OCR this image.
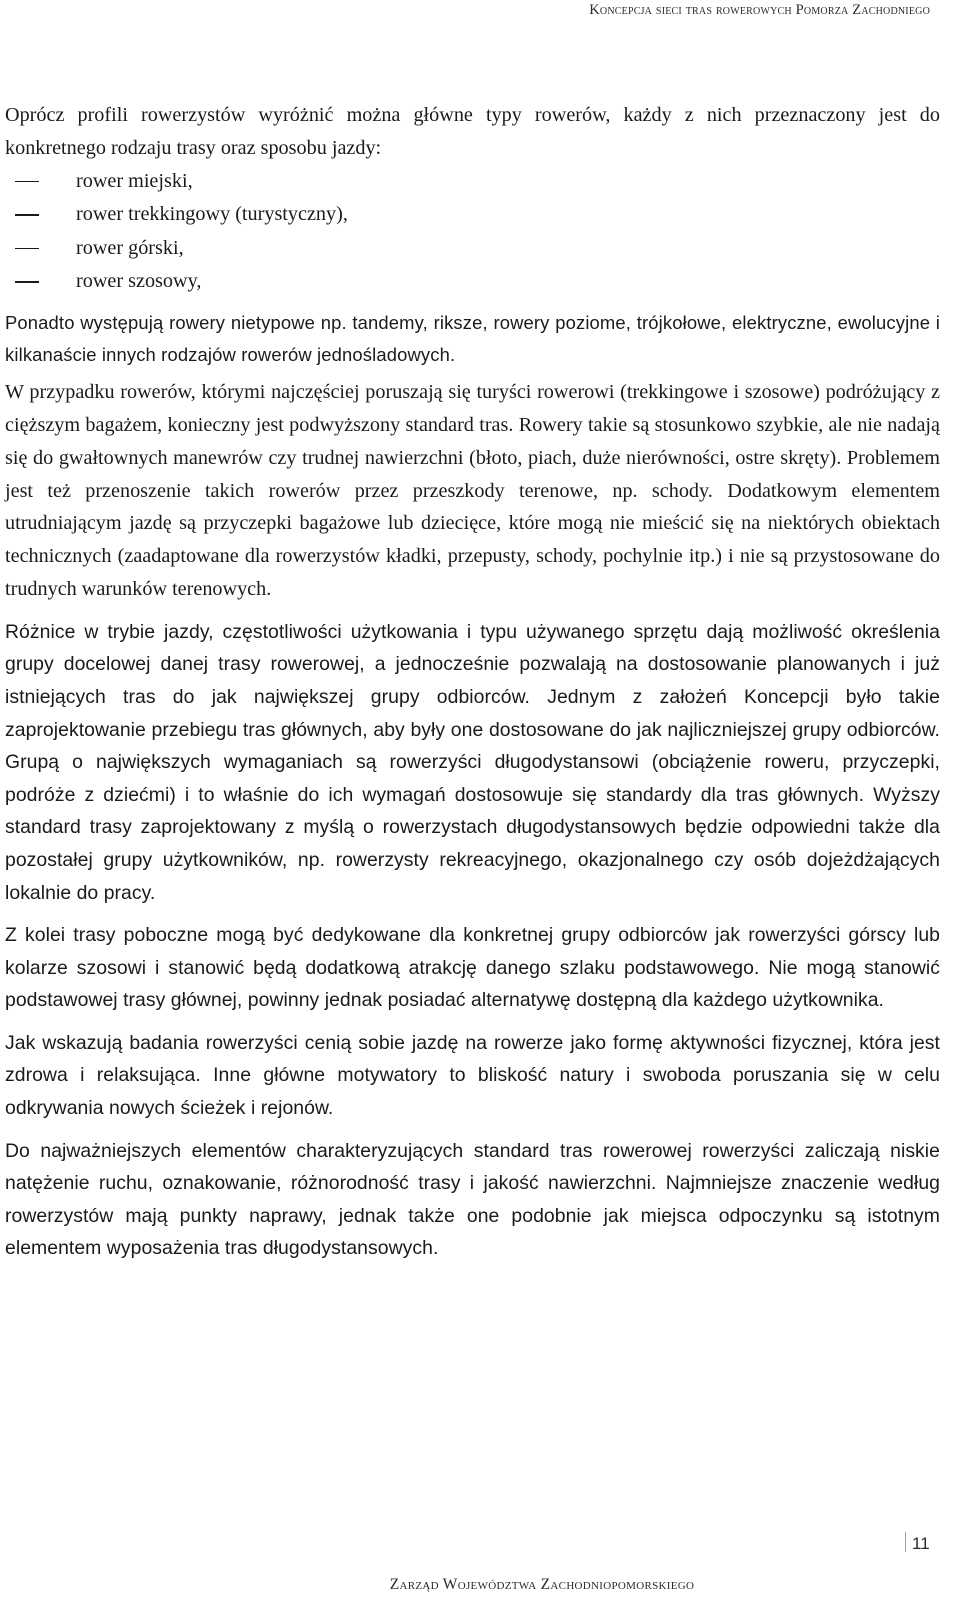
Koncepcja sieci tras rowerowych Pomorza Zachodniego

Oprócz profili rowerzystów wyróżnić można główne typy rowerów, każdy z nich przeznaczony jest do konkretnego rodzaju trasy oraz sposobu jazdy:

rower miejski,
rower trekkingowy (turystyczny),
rower górski,
rower szosowy,

Ponadto występują rowery nietypowe np. tandemy, riksze, rowery poziome, trójkołowe, elektryczne, ewolucyjne i kilkanaście innych rodzajów rowerów jednośladowych.

W przypadku rowerów, którymi najczęściej poruszają się turyści rowerowi (trekkingowe i szosowe) podróżujący z cięższym bagażem, konieczny jest podwyższony standard tras. Rowery takie są stosunkowo szybkie, ale nie nadają się do gwałtownych manewrów czy trudnej nawierzchni (błoto, piach, duże nierówności, ostre skręty). Problemem jest też przenoszenie takich rowerów przez przeszkody terenowe, np. schody. Dodatkowym elementem utrudniającym jazdę są przyczepki bagażowe lub dziecięce, które mogą nie mieścić się na niektórych obiektach technicznych (zaadaptowane dla rowerzystów kładki, przepusty, schody, pochylnie itp.) i nie są przystosowane do trudnych warunków terenowych.

Różnice w trybie jazdy, częstotliwości użytkowania i typu używanego sprzętu dają możliwość określenia grupy docelowej danej trasy rowerowej, a jednocześnie pozwalają na dostosowanie planowanych i już istniejących tras do jak największej grupy odbiorców. Jednym z założeń Koncepcji było takie zaprojektowanie przebiegu tras głównych, aby były one dostosowane do jak najliczniejszej grupy odbiorców. Grupą o największych wymaganiach są rowerzyści długodystansowi (obciążenie roweru, przyczepki, podróże z dziećmi) i to właśnie do ich wymagań dostosowuje się standardy dla tras głównych. Wyższy standard trasy zaprojektowany z myślą o rowerzystach długodystansowych będzie odpowiedni także dla pozostałej grupy użytkowników, np. rowerzysty rekreacyjnego, okazjonalnego czy osób dojeżdżających lokalnie do pracy.

Z kolei trasy poboczne mogą być dedykowane dla konkretnej grupy odbiorców jak rowerzyści górscy lub kolarze szosowi i stanowić będą dodatkową atrakcję danego szlaku podstawowego. Nie mogą stanowić podstawowej trasy głównej, powinny jednak posiadać alternatywę dostępną dla każdego użytkownika.

Jak wskazują badania rowerzyści cenią sobie jazdę na rowerze jako formę aktywności fizycznej, która jest zdrowa i relaksująca. Inne główne motywatory to bliskość natury i swoboda poruszania się w celu odkrywania nowych ścieżek i rejonów.

Do najważniejszych elementów charakteryzujących standard tras rowerowej rowerzyści zaliczają niskie natężenie ruchu, oznakowanie, różnorodność trasy i jakość nawierzchni. Najmniejsze znaczenie według rowerzystów mają punkty naprawy, jednak także one podobnie jak miejsca odpoczynku są istotnym elementem wyposażenia tras długodystansowych.

11
Zarząd Województwa Zachodniopomorskiego
